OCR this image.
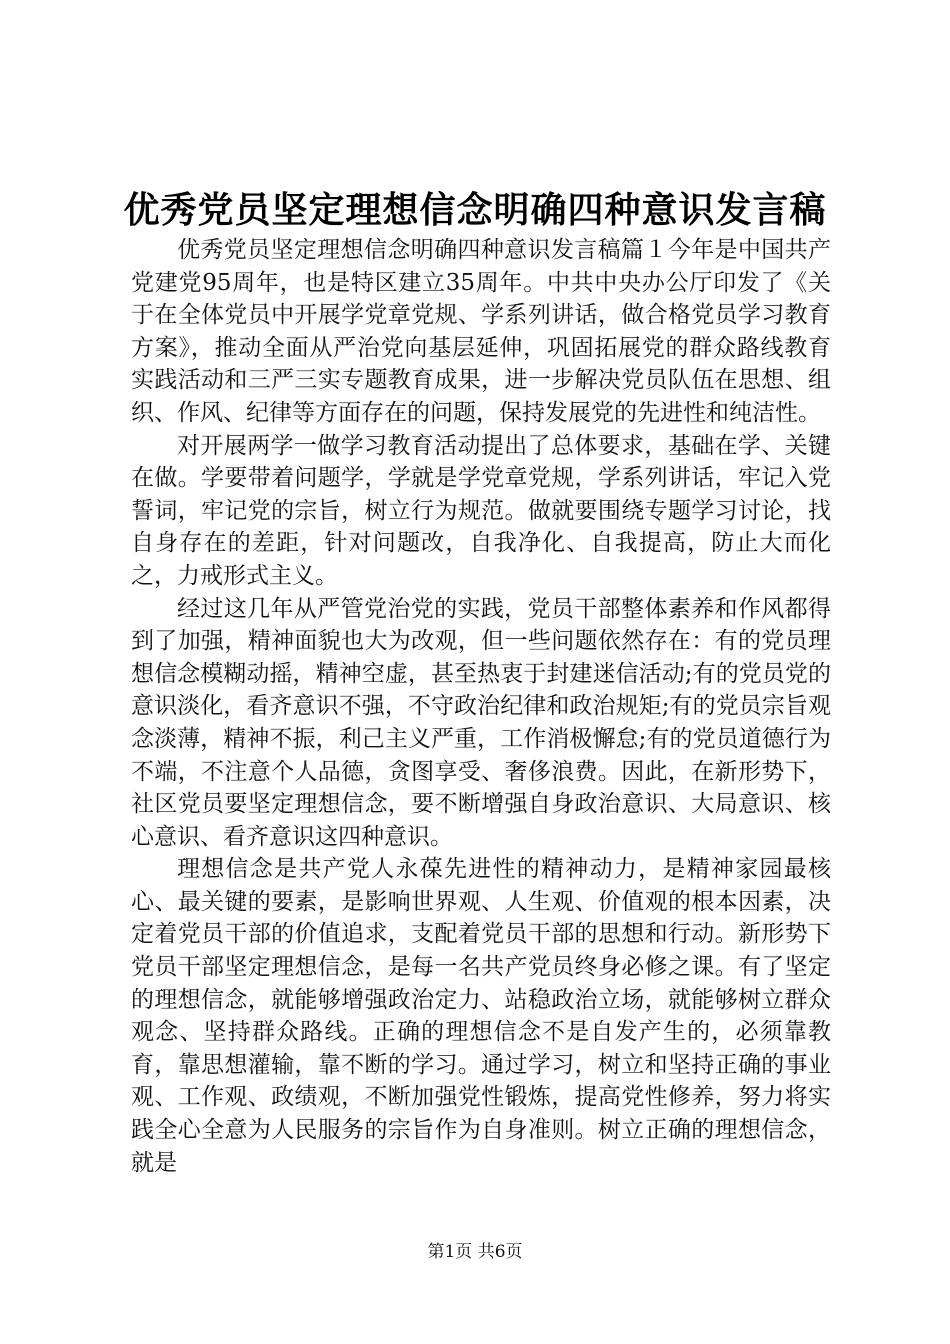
优秀党员坚定理想信念明确四种意识发言稿

优秀党员坚定理想信念明确四种意识发言稿篇１今年是中国共产党建党95周年，也是特区建立35周年。中共中央办公厅印发了《关于在全体党员中开展学党章党规、学系列讲话，做合格党员学习教育方案》，推动全面从严治党向基层延伸，巩固拓展党的群众路线教育实践活动和三严三实专题教育成果，进一步解决党员队伍在思想、组织、作风、纪律等方面存在的问题，保持发展党的先进性和纯洁性。

对开展两学一做学习教育活动提出了总体要求，基础在学、关键在做。学要带着问题学，学就是学党章党规，学系列讲话，牢记入党誓词，牢记党的宗旨，树立行为规范。做就要围绕专题学习讨论，找自身存在的差距，针对问题改，自我净化、自我提高，防止大而化之，力戒形式主义。

经过这几年从严管党治党的实践，党员干部整体素养和作风都得到了加强，精神面貌也大为改观，但一些问题依然存在：有的党员理想信念模糊动摇，精神空虚，甚至热衷于封建迷信活动;有的党员党的意识淡化，看齐意识不强，不守政治纪律和政治规矩;有的党员宗旨观念淡薄，精神不振，利己主义严重，工作消极懈怠;有的党员道德行为不端，不注意个人品德，贪图享受、奢侈浪费。因此，在新形势下，社区党员要坚定理想信念，要不断增强自身政治意识、大局意识、核心意识、看齐意识这四种意识。

理想信念是共产党人永葆先进性的精神动力，是精神家园最核心、最关键的要素，是影响世界观、人生观、价值观的根本因素，决定着党员干部的价值追求，支配着党员干部的思想和行动。新形势下党员干部坚定理想信念，是每一名共产党员终身必修之课。有了坚定的理想信念，就能够增强政治定力、站稳政治立场，就能够树立群众观念、坚持群众路线。正确的理想信念不是自发产生的，必须靠教育，靠思想灌输，靠不断的学习。通过学习，树立和坚持正确的事业观、工作观、政绩观，不断加强党性锻炼，提高党性修养，努力将实践全心全意为人民服务的宗旨作为自身准则。树立正确的理想信念，就是

第1页 共6页
